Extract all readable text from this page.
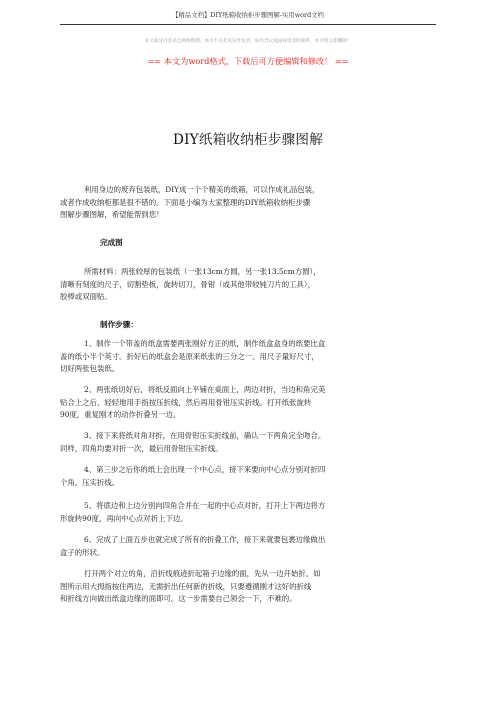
【精品文档】DIY纸箱收纳柜步骤图解-实用word文档
本文部分内容来自网络整理，本司不为其真实性负责，如有异议或侵权请及时联系，本司将立即删除！
== 本文为word格式，下载后可方便编辑和修改！ ==
DIY纸箱收纳柜步骤图解
利用身边的废弃包装纸，DIY成一个个精美的纸箱，可以作成礼品包装，
或者作成收纳柜都是很不错的。下面是小编为大家整理的DIY纸箱收纳柜步骤
图解步骤图解，希望能帮到您！
完成图
所需材料：两张较厚的包装纸（一张13cm方圆，另一张13.5cm方圆），
清晰有刻度的尺子，切割垫板，旋转切刀，骨钳（或其他带较钝刀片的工具），
胶棒或双面贴。
制作步骤：
1、制作一个带盖的纸盒需要两张刚好方正的纸，制作纸盒盒身的纸要比盒
盖的纸小半个英寸。折好后的纸盒会是原来纸张的三分之一。用尺子量好尺寸，
切好两张包装纸。
2、两张纸切好后，将纸反面向上平铺在桌面上，两边对折，当边和角完美
贴合上之后，轻轻地用手指按压折线，然后再用骨钳压实折线。打开纸张旋转
90度，重复刚才的动作折叠另一边。
3、接下来将纸对角对折，在用骨钳压实折线前，确认一下两角完全吻合。
同样，四角均要对折一次，最后用骨钳压实折线。
4、第三步之后你的纸上会出现一个中心点，接下来要向中心点分别对折四
个角。压实折线。
5、将底边和上边分别向四角合并在一起的中心点对折，打开上下两边将方
形旋转90度，再向中心点对折上下边。
6、完成了上面五步也就完成了所有的折叠工作，接下来就要包裹边缘做出
盒子的形状。
打开两个对立的角，沿折线痕迹折起箱子边缘的面，先从一边开始折。如
图所示用大拇指按住两边，无需折出任何新的折线，只要遵循刚才这好的折线
和折线方向做出纸盒边缘的面即可。这一步需要自己领会一下，不难的。
